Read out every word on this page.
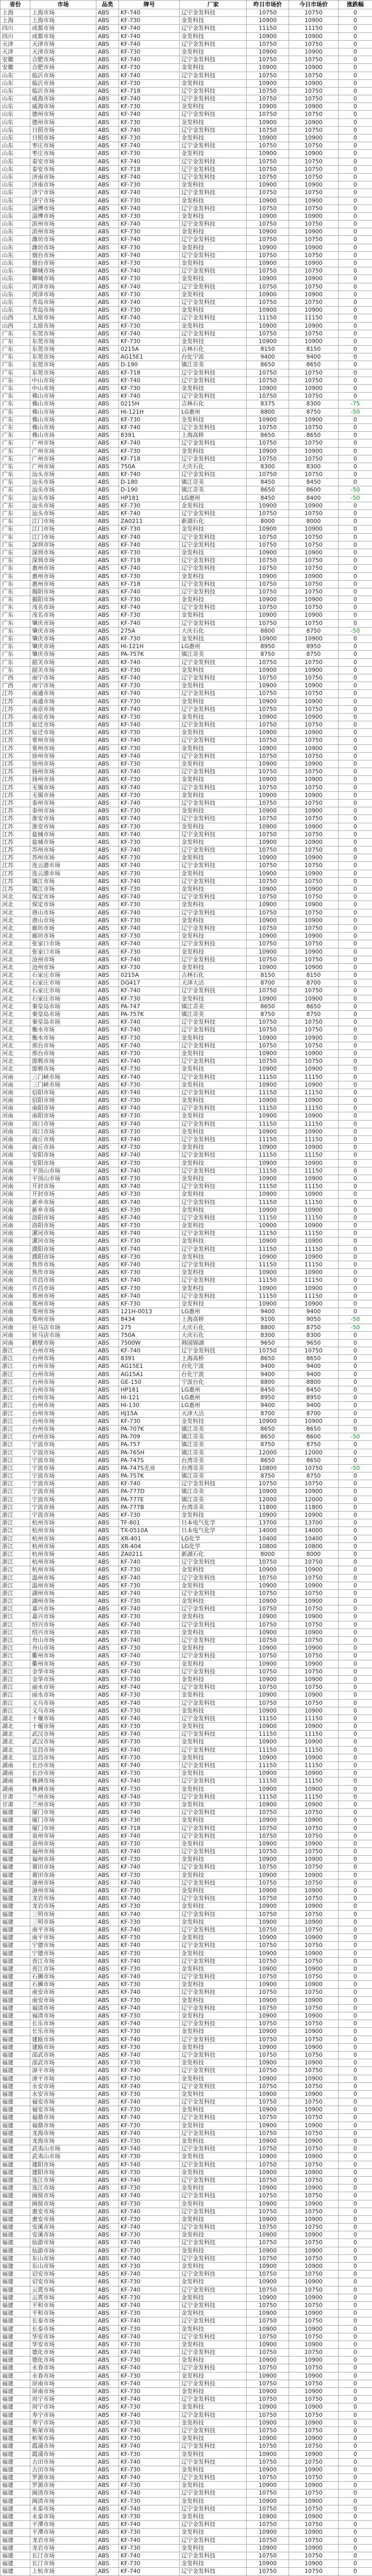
省份	市场	品类	牌号	厂家	昨日市场价	今日市场价	涨跌幅
上海	上海市场	ABS	KF-740	辽宁金发科技	10750	10750	0
上海	上海市场	ABS	KF-730	金发科技	10900	10900	0
四川	成都市场	ABS	KF-740	辽宁金发科技	11150	11150	0
四川	成都市场	ABS	KF-740	金发科技	10900	10900	0
天津	天津市场	ABS	KF-740	辽宁金发科技	10750	10750	0
天津	天津市场	ABS	KF-730	金发科技	10900	10900	0
安徽	合肥市场	ABS	KF-740	辽宁金发科技	10750	10750	0
安徽	合肥市场	ABS	KF-730	金发科技	10900	10900	0
山东	临沂市场	ABS	KF-740	辽宁金发科技	10750	10750	0
山东	临沂市场	ABS	KF-730	金发科技	10900	10900	0
山东	临沂市场	ABS	KF-718	辽宁金发科技	10750	10750	0
山东	威海市场	ABS	KF-740	辽宁金发科技	10750	10750	0
山东	威海市场	ABS	KF-730	金发科技	10900	10900	0
山东	德州市场	ABS	KF-740	辽宁金发科技	10750	10750	0
山东	德州市场	ABS	KF-730	金发科技	10900	10900	0
山东	日照市场	ABS	KF-740	辽宁金发科技	10750	10750	0
山东	日照市场	ABS	KF-730	金发科技	10900	10900	0
山东	枣庄市场	ABS	KF-740	辽宁金发科技	10750	10750	0
山东	枣庄市场	ABS	KF-730	金发科技	10900	10900	0
山东	泰安市场	ABS	KF-740	辽宁金发科技	10750	10750	0
山东	泰安市场	ABS	KF-718	辽宁金发科技	10750	10750	0
山东	济南市场	ABS	KF-740	辽宁金发科技	10750	10750	0
山东	济南市场	ABS	KF-730	金发科技	10900	10900	0
山东	济宁市场	ABS	KF-740	辽宁金发科技	10750	10750	0
山东	济宁市场	ABS	KF-730	金发科技	10900	10900	0
山东	淄博市场	ABS	KF-740	辽宁金发科技	10750	10750	0
山东	淄博市场	ABS	KF-730	金发科技	10900	10900	0
山东	滨州市场	ABS	KF-740	辽宁金发科技	10750	10750	0
山东	滨州市场	ABS	KF-730	金发科技	10900	10900	0
山东	潍坊市场	ABS	KF-740	辽宁金发科技	10750	10750	0
山东	潍坊市场	ABS	KF-730	金发科技	10900	10900	0
山东	烟台市场	ABS	KF-740	辽宁金发科技	10750	10750	0
山东	烟台市场	ABS	KF-730	金发科技	10900	10900	0
山东	聊城市场	ABS	KF-740	辽宁金发科技	10750	10750	0
山东	聊城市场	ABS	KF-730	金发科技	10900	10900	0
山东	菏泽市场	ABS	KF-740	辽宁金发科技	10750	10750	0
山东	菏泽市场	ABS	KF-730	金发科技	10900	10900	0
山东	青岛市场	ABS	KF-740	辽宁金发科技	10750	10750	0
山东	青岛市场	ABS	KF-730	金发科技	10900	10900	0
山西	太原市场	ABS	KF-740	辽宁金发科技	11150	11150	0
山西	太原市场	ABS	KF-730	金发科技	10900	10900	0
广东	东莞市场	ABS	KF-740	辽宁金发科技	10750	10750	0
广东	东莞市场	ABS	KF-730	金发科技	10900	10900	0
广东	东莞市场	ABS	0215A	吉林石化	8150	8150	0
广东	东莞市场	ABS	AG15E1	台化宁波	9400	9400	0
广东	东莞市场	ABS	D-190	镇江奇美	8650	8650	0
广东	东莞市场	ABS	KF-718	辽宁金发科技	10750	10750	0
广东	中山市场	ABS	KF-740	辽宁金发科技	10750	10750	0
广东	中山市场	ABS	KF-730	金发科技	10900	10900	0
广东	佛山市场	ABS	KF-740	辽宁金发科技	10750	10750	0
广东	佛山市场	ABS	0215H	吉林石化	8375	8300	-75
广东	佛山市场	ABS	HI-121H	LG惠州	8800	8750	-50
广东	佛山市场	ABS	KF-730	金发科技	10900	10900	0
广东	佛山市场	ABS	KF-740	辽宁金发科技	10750	10750	0
广东	佛山市场	ABS	8391	上海高桥	8650	8650	0
广东	广州市场	ABS	KF-740	辽宁金发科技	10750	10750	0
广东	广州市场	ABS	KF-730	金发科技	10900	10900	0
广东	广州市场	ABS	KF-718	辽宁金发科技	10750	10750	0
广东	广州市场	ABS	750A	大庆石化	8300	8300	0
广东	汕头市场	ABS	KF-740	辽宁金发科技	10750	10750	0
广东	汕头市场	ABS	D-180	镇江奇美	8450	8450	0
广东	汕头市场	ABS	D-190	镇江奇美	8650	8600	-50
广东	汕头市场	ABS	HP181	LG惠州	8450	8400	-50
广东	汕头市场	ABS	KF-730	金发科技	10900	10900	0
广东	汕头市场	ABS	KF-740	辽宁金发科技	10750	10750	0
广东	江门市场	ABS	ZA0211	新湖石化	8000	8000	0
广东	江门市场	ABS	KF-730	金发科技	10900	10900	0
广东	江门市场	ABS	KF-740	辽宁金发科技	10750	10750	0
广东	深圳市场	ABS	KF-740	辽宁金发科技	10750	10750	0
广东	深圳市场	ABS	KF-730	金发科技	10900	10900	0
广东	深圳市场	ABS	KF-718	辽宁金发科技	10750	10750	0
广东	惠州市场	ABS	KF-740	辽宁金发科技	10750	10750	0
广东	惠州市场	ABS	KF-730	金发科技	10900	10900	0
广东	惠州市场	ABS	KF-718	辽宁金发科技	10750	10750	0
广东	揭阳市场	ABS	KF-740	辽宁金发科技	10750	10750	0
广东	揭阳市场	ABS	KF-730	金发科技	10900	10900	0
广东	茂名市场	ABS	KF-740	辽宁金发科技	10750	10750	0
广东	茂名市场	ABS	KF-730	金发科技	10900	10900	0
广东	肇庆市场	ABS	KF-740	辽宁金发科技	10750	10750	0
广东	肇庆市场	ABS	275A	大庆石化	8800	8750	-50
广东	肇庆市场	ABS	KF-730	金发科技	10900	10900	0
广东	肇庆市场	ABS	HI-121H	LG惠州	8950	8950	0
广东	肇庆市场	ABS	PA-757K	镇江奇美	8750	8750	0
广东	韶关市场	ABS	KF-740	辽宁金发科技	10750	10750	0
广东	韶关市场	ABS	KF-730	金发科技	10900	10900	0
广西	南宁市场	ABS	KF-740	辽宁金发科技	10750	10750	0
广西	南宁市场	ABS	KF-730	金发科技	10900	10900	0
江苏	南通市场	ABS	KF-740	辽宁金发科技	10750	10750	0
江苏	南通市场	ABS	KF-730	金发科技	10900	10900	0
江苏	南京市场	ABS	KF-740	辽宁金发科技	10750	10750	0
江苏	南京市场	ABS	KF-730	金发科技	10900	10900	0
江苏	宿迁市场	ABS	KF-740	辽宁金发科技	10750	10750	0
江苏	宿迁市场	ABS	KF-730	金发科技	10900	10900	0
江苏	常州市场	ABS	KF-740	辽宁金发科技	10750	10750	0
江苏	常州市场	ABS	KF-730	金发科技	10900	10900	0
江苏	徐州市场	ABS	KF-740	辽宁金发科技	10750	10750	0
江苏	徐州市场	ABS	KF-730	金发科技	10900	10900	0
江苏	扬州市场	ABS	KF-740	辽宁金发科技	10750	10750	0
江苏	扬州市场	ABS	KF-730	金发科技	10900	10900	0
江苏	无锡市场	ABS	KF-740	辽宁金发科技	10750	10750	0
江苏	无锡市场	ABS	KF-730	金发科技	10900	10900	0
江苏	泰州市场	ABS	KF-740	辽宁金发科技	10750	10750	0
江苏	泰州市场	ABS	KF-730	金发科技	10900	10900	0
江苏	淮安市场	ABS	KF-740	辽宁金发科技	10750	10750	0
江苏	淮安市场	ABS	KF-730	金发科技	10900	10900	0
江苏	盐城市场	ABS	KF-740	辽宁金发科技	10750	10750	0
江苏	盐城市场	ABS	KF-730	金发科技	10900	10900	0
江苏	苏州市场	ABS	KF-740	辽宁金发科技	10750	10750	0
江苏	苏州市场	ABS	KF-730	金发科技	10900	10900	0
江苏	连云港市场	ABS	KF-740	辽宁金发科技	10750	10750	0
江苏	连云港市场	ABS	KF-730	金发科技	10900	10900	0
江苏	镇江市场	ABS	KF-740	辽宁金发科技	10750	10750	0
江苏	镇江市场	ABS	KF-730	金发科技	10900	10900	0
河北	保定市场	ABS	KF-740	辽宁金发科技	10750	10750	0
河北	保定市场	ABS	KF-730	金发科技	10900	10900	0
河北	唐山市场	ABS	KF-740	辽宁金发科技	10750	10750	0
河北	唐山市场	ABS	KF-730	金发科技	10900	10900	0
河北	廊坊市场	ABS	KF-740	辽宁金发科技	10750	10750	0
河北	廊坊市场	ABS	KF-730	金发科技	10900	10900	0
河北	张家口市场	ABS	KF-740	辽宁金发科技	10750	10750	0
河北	张家口市场	ABS	KF-730	金发科技	10900	10900	0
河北	沧州市场	ABS	KF-740	辽宁金发科技	10750	10750	0
河北	沧州市场	ABS	KF-730	金发科技	10900	10900	0
河北	石家庄市场	ABS	0215A	吉林石化	8150	8150	0
河北	石家庄市场	ABS	DG417	天津大沽	8700	8700	0
河北	石家庄市场	ABS	KF-740	辽宁金发科技	10750	10750	0
河北	石家庄市场	ABS	KF-730	金发科技	10900	10900	0
河北	秦皇岛市场	ABS	PA-747	镇江奇美	8650	8650	0
河北	秦皇岛市场	ABS	PA-757K	镇江奇美	8750	8750	0
河北	秦皇岛市场	ABS	KF-740	辽宁金发科技	10750	10750	0
河北	衡水市场	ABS	KF-740	辽宁金发科技	10750	10750	0
河北	衡水市场	ABS	KF-730	金发科技	10900	10900	0
河北	邢台市场	ABS	KF-740	辽宁金发科技	10750	10750	0
河北	邢台市场	ABS	KF-730	金发科技	10900	10900	0
河北	邯郸市场	ABS	KF-740	辽宁金发科技	10750	10750	0
河北	邯郸市场	ABS	KF-730	金发科技	10900	10900	0
河南	三门峡市场	ABS	KF-740	辽宁金发科技	11150	11150	0
河南	三门峡市场	ABS	KF-730	金发科技	10900	10900	0
河南	信阳市场	ABS	KF-740	辽宁金发科技	11150	11150	0
河南	信阳市场	ABS	KF-730	金发科技	10900	10900	0
河南	南阳市场	ABS	KF-740	辽宁金发科技	11150	11150	0
河南	南阳市场	ABS	KF-730	金发科技	10900	10900	0
河南	周口市场	ABS	KF-740	辽宁金发科技	11150	11150	0
河南	周口市场	ABS	KF-730	金发科技	10900	10900	0
河南	商丘市场	ABS	KF-740	辽宁金发科技	11150	11150	0
河南	商丘市场	ABS	KF-730	金发科技	10900	10900	0
河南	安阳市场	ABS	KF-740	辽宁金发科技	11150	11150	0
河南	安阳市场	ABS	KF-730	金发科技	10900	10900	0
河南	平顶山市场	ABS	KF-740	辽宁金发科技	11150	11150	0
河南	平顶山市场	ABS	KF-730	金发科技	10900	10900	0
河南	开封市场	ABS	KF-740	辽宁金发科技	11150	11150	0
河南	开封市场	ABS	KF-730	金发科技	10900	10900	0
河南	新乡市场	ABS	KF-740	辽宁金发科技	11150	11150	0
河南	新乡市场	ABS	KF-730	金发科技	10900	10900	0
河南	洛阳市场	ABS	KF-740	辽宁金发科技	11150	11150	0
河南	洛阳市场	ABS	KF-730	金发科技	10900	10900	0
河南	漯河市场	ABS	KF-740	辽宁金发科技	11150	11150	0
河南	漯河市场	ABS	KF-730	金发科技	10900	10900	0
河南	濮阳市场	ABS	KF-740	辽宁金发科技	11150	11150	0
河南	濮阳市场	ABS	KF-730	金发科技	10900	10900	0
河南	焦作市场	ABS	KF-740	辽宁金发科技	11150	11150	0
河南	焦作市场	ABS	KF-730	金发科技	10900	10900	0
河南	许昌市场	ABS	KF-740	辽宁金发科技	11150	11150	0
河南	许昌市场	ABS	KF-730	金发科技	10900	10900	0
河南	郑州市场	ABS	KF-740	辽宁金发科技	11150	11150	0
河南	郑州市场	ABS	KF-730	金发科技	10900	10900	0
河南	郑州市场	ABS	121H-0013	LG惠州	9400	9400	0
河南	郑州市场	ABS	8434	上海高桥	9100	9050	-50
河南	驻马店市场	ABS	275	大庆石化	8800	8750	-50
河南	驻马店市场	ABS	750A	大庆石化	8300	8300	0
河南	鹤壁市场	ABS	7500W	韩国锦湖	9650	9650	0
浙江	台州市场	ABS	KF-740	辽宁金发科技	10750	10750	0
浙江	台州市场	ABS	8391	上海高桥	8650	8650	0
浙江	台州市场	ABS	AG15E1	台化宁波	9400	9400	0
浙江	台州市场	ABS	AG15A1	台化宁波	9400	9400	0
浙江	台州市场	ABS	GE-150	宁波台化	8800	8800	0
浙江	台州市场	ABS	HP181	LG惠州	8450	8450	0
浙江	台州市场	ABS	HI-121	LG惠州	8950	8950	0
浙江	台州市场	ABS	HI-130	LG惠州	9400	9400	0
浙江	台州市场	ABS	HJ15A	天津大沽	8700	8700	0
浙江	台州市场	ABS	KF-730	金发科技	10900	10900	0
浙江	台州市场	ABS	PA-707K	镇江奇美	8650	8650	0
浙江	台州市场	ABS	PA-709	镇江奇美	8650	8600	-50
浙江	宁波市场	ABS	PA-757	镇江奇美	8750	8750	0
浙江	宁波市场	ABS	PA-765H	镇江奇美	12000	12000	0
浙江	宁波市场	ABS	PA-747S	台湾奇美	8650	8650	0
浙江	宁波市场	ABS	PA-747S光亮	台湾奇美	10800	10750	-50
浙江	宁波市场	ABS	PA-757K	镇江奇美	8750	8750	0
浙江	宁波市场	ABS	KF-740	辽宁金发科技	10750	10750	0
浙江	宁波市场	ABS	PA-777D	镇江奇美	10900	10900	0
浙江	宁波市场	ABS	PA-777E	镇江奇美	12000	12000	0
浙江	宁波市场	ABS	PA-777B	台湾奇美	11800	11800	0
浙江	宁波市场	ABS	KF-730	金发科技	10900	10900	0
浙江	杭州市场	ABS	TF-801	日本电气化学	13700	13700	0
浙江	杭州市场	ABS	TX-0510A	日本电气化学	14000	14000	0
浙江	杭州市场	ABS	XR-401	LG化学	10400	10400	0
浙江	杭州市场	ABS	XR-404	LG化学	10800	10800	0
浙江	杭州市场	ABS	ZA0211	新湖石化	8000	8000	0
浙江	杭州市场	ABS	KF-740	辽宁金发科技	10750	10750	0
浙江	杭州市场	ABS	KF-730	金发科技	10900	10900	0
浙江	温州市场	ABS	KF-740	辽宁金发科技	10750	10750	0
浙江	温州市场	ABS	KF-730	金发科技	10900	10900	0
浙江	湖州市场	ABS	KF-740	辽宁金发科技	10750	10750	0
浙江	湖州市场	ABS	KF-730	金发科技	10900	10900	0
浙江	嘉兴市场	ABS	KF-740	辽宁金发科技	10750	10750	0
浙江	嘉兴市场	ABS	KF-730	金发科技	10900	10900	0
浙江	绍兴市场	ABS	KF-740	辽宁金发科技	10750	10750	0
浙江	绍兴市场	ABS	KF-730	金发科技	10900	10900	0
浙江	舟山市场	ABS	KF-740	辽宁金发科技	10750	10750	0
浙江	舟山市场	ABS	KF-730	金发科技	10900	10900	0
浙江	衢州市场	ABS	KF-740	辽宁金发科技	10750	10750	0
浙江	衢州市场	ABS	KF-730	金发科技	10900	10900	0
浙江	金华市场	ABS	KF-740	辽宁金发科技	10750	10750	0
浙江	金华市场	ABS	KF-730	金发科技	10900	10900	0
浙江	丽水市场	ABS	KF-740	辽宁金发科技	10750	10750	0
浙江	丽水市场	ABS	KF-730	金发科技	10900	10900	0
浙江	义乌市场	ABS	KF-740	辽宁金发科技	10750	10750	0
浙江	义乌市场	ABS	KF-730	金发科技	10900	10900	0
湖北	十堰市场	ABS	KF-740	辽宁金发科技	11150	11150	0
湖北	十堰市场	ABS	KF-730	金发科技	10900	10900	0
湖北	武汉市场	ABS	KF-740	辽宁金发科技	11150	11150	0
湖北	武汉市场	ABS	KF-730	金发科技	10900	10900	0
湖北	宜昌市场	ABS	KF-740	辽宁金发科技	11150	11150	0
湖北	宜昌市场	ABS	KF-730	金发科技	10900	10900	0
湖南	长沙市场	ABS	KF-740	辽宁金发科技	11150	11150	0
湖南	长沙市场	ABS	KF-730	金发科技	10900	10900	0
湖南	株洲市场	ABS	KF-740	辽宁金发科技	11150	11150	0
湖南	株洲市场	ABS	KF-730	金发科技	10900	10900	0
甘肃	兰州市场	ABS	KF-740	辽宁金发科技	11150	11150	0
甘肃	兰州市场	ABS	KF-730	金发科技	10900	10900	0
福建	厦门市场	ABS	KF-740	辽宁金发科技	10750	10750	0
福建	厦门市场	ABS	KF-730	金发科技	10900	10900	0
福建	厦门市场	ABS	KF-718	辽宁金发科技	10750	10750	0
福建	泉州市场	ABS	KF-740	辽宁金发科技	10750	10750	0
福建	泉州市场	ABS	KF-730	金发科技	10900	10900	0
福建	福州市场	ABS	KF-740	辽宁金发科技	10750	10750	0
福建	福州市场	ABS	KF-730	金发科技	10900	10900	0
福建	莆田市场	ABS	KF-740	辽宁金发科技	10750	10750	0
福建	莆田市场	ABS	KF-730	金发科技	10900	10900	0
福建	漳州市场	ABS	KF-740	辽宁金发科技	10750	10750	0
福建	漳州市场	ABS	KF-730	金发科技	10900	10900	0
福建	龙岩市场	ABS	KF-740	辽宁金发科技	10750	10750	0
福建	龙岩市场	ABS	KF-730	金发科技	10900	10900	0
福建	三明市场	ABS	KF-740	辽宁金发科技	10750	10750	0
福建	三明市场	ABS	KF-730	金发科技	10900	10900	0
福建	南平市场	ABS	KF-740	辽宁金发科技	10750	10750	0
福建	南平市场	ABS	KF-730	金发科技	10900	10900	0
福建	宁德市场	ABS	KF-740	辽宁金发科技	10750	10750	0
福建	宁德市场	ABS	KF-730	金发科技	10900	10900	0
福建	晋江市场	ABS	KF-740	辽宁金发科技	10750	10750	0
福建	晋江市场	ABS	KF-730	金发科技	10900	10900	0
福建	石狮市场	ABS	KF-740	辽宁金发科技	10750	10750	0
福建	石狮市场	ABS	KF-730	金发科技	10900	10900	0
福建	南安市场	ABS	KF-740	辽宁金发科技	10750	10750	0
福建	南安市场	ABS	KF-730	金发科技	10900	10900	0
福建	福清市场	ABS	KF-740	辽宁金发科技	10750	10750	0
福建	福清市场	ABS	KF-730	金发科技	10900	10900	0
福建	长乐市场	ABS	KF-740	辽宁金发科技	10750	10750	0
福建	长乐市场	ABS	KF-730	金发科技	10900	10900	0
福建	建瓯市场	ABS	KF-740	辽宁金发科技	10750	10750	0
福建	建瓯市场	ABS	KF-730	金发科技	10900	10900	0
福建	邵武市场	ABS	KF-740	辽宁金发科技	10750	10750	0
福建	邵武市场	ABS	KF-730	金发科技	10900	10900	0
福建	漳平市场	ABS	KF-740	辽宁金发科技	10750	10750	0
福建	漳平市场	ABS	KF-730	金发科技	10900	10900	0
福建	永安市场	ABS	KF-740	辽宁金发科技	10750	10750	0
福建	永安市场	ABS	KF-730	金发科技	10900	10900	0
福建	福安市场	ABS	KF-740	辽宁金发科技	10750	10750	0
福建	福安市场	ABS	KF-730	金发科技	10900	10900	0
福建	福鼎市场	ABS	KF-740	辽宁金发科技	10750	10750	0
福建	福鼎市场	ABS	KF-730	金发科技	10900	10900	0
福建	龙海市场	ABS	KF-740	辽宁金发科技	10750	10750	0
福建	龙海市场	ABS	KF-730	金发科技	10900	10900	0
福建	武夷山市场	ABS	KF-740	辽宁金发科技	10750	10750	0
福建	武夷山市场	ABS	KF-730	金发科技	10900	10900	0
福建	建阳市场	ABS	KF-740	辽宁金发科技	10750	10750	0
福建	建阳市场	ABS	KF-730	金发科技	10900	10900	0
福建	连江市场	ABS	KF-740	辽宁金发科技	10750	10750	0
福建	连江市场	ABS	KF-730	金发科技	10900	10900	0
福建	闽侯市场	ABS	KF-740	辽宁金发科技	10750	10750	0
福建	闽侯市场	ABS	KF-730	金发科技	10900	10900	0
福建	惠安市场	ABS	KF-740	辽宁金发科技	10750	10750	0
福建	惠安市场	ABS	KF-730	金发科技	10900	10900	0
福建	安溪市场	ABS	KF-740	辽宁金发科技	10750	10750	0
福建	安溪市场	ABS	KF-730	金发科技	10900	10900	0
福建	仙游市场	ABS	KF-740	辽宁金发科技	10750	10750	0
福建	仙游市场	ABS	KF-730	金发科技	10900	10900	0
福建	东山市场	ABS	KF-740	辽宁金发科技	10750	10750	0
福建	东山市场	ABS	KF-730	金发科技	10900	10900	0
福建	诏安市场	ABS	KF-740	辽宁金发科技	10750	10750	0
福建	诏安市场	ABS	KF-730	金发科技	10900	10900	0
福建	云霄市场	ABS	KF-740	辽宁金发科技	10750	10750	0
福建	云霄市场	ABS	KF-730	金发科技	10900	10900	0
福建	平和市场	ABS	KF-740	辽宁金发科技	10750	10750	0
福建	平和市场	ABS	KF-730	金发科技	10900	10900	0
福建	长泰市场	ABS	KF-740	辽宁金发科技	10750	10750	0
福建	长泰市场	ABS	KF-730	金发科技	10900	10900	0
福建	华安市场	ABS	KF-740	辽宁金发科技	10750	10750	0
福建	华安市场	ABS	KF-730	金发科技	10900	10900	0
福建	德化市场	ABS	KF-740	辽宁金发科技	10750	10750	0
福建	德化市场	ABS	KF-730	金发科技	10900	10900	0
福建	永春市场	ABS	KF-740	辽宁金发科技	10750	10750	0
福建	永春市场	ABS	KF-730	金发科技	10900	10900	0
福建	屏南市场	ABS	KF-740	辽宁金发科技	10750	10750	0
福建	屏南市场	ABS	KF-730	金发科技	10900	10900	0
福建	周宁市场	ABS	KF-740	辽宁金发科技	10750	10750	0
福建	周宁市场	ABS	KF-730	金发科技	10900	10900	0
福建	寿宁市场	ABS	KF-740	辽宁金发科技	10750	10750	0
福建	寿宁市场	ABS	KF-730	金发科技	10900	10900	0
福建	柘荣市场	ABS	KF-740	辽宁金发科技	10750	10750	0
福建	柘荣市场	ABS	KF-730	金发科技	10900	10900	0
福建	霞浦市场	ABS	KF-740	辽宁金发科技	10750	10750	0
福建	霞浦市场	ABS	KF-730	金发科技	10900	10900	0
福建	古田市场	ABS	KF-740	辽宁金发科技	10750	10750	0
福建	古田市场	ABS	KF-730	金发科技	10900	10900	0
福建	罗源市场	ABS	KF-740	辽宁金发科技	10750	10750	0
福建	罗源市场	ABS	KF-730	金发科技	10900	10900	0
福建	闽清市场	ABS	KF-740	辽宁金发科技	10750	10750	0
福建	闽清市场	ABS	KF-730	金发科技	10900	10900	0
福建	永泰市场	ABS	KF-740	辽宁金发科技	10750	10750	0
福建	永泰市场	ABS	KF-730	金发科技	10900	10900	0
福建	平潭市场	ABS	KF-740	辽宁金发科技	10750	10750	0
福建	平潭市场	ABS	KF-730	金发科技	10900	10900	0
福建	龙岩市场	ABS	KF-740	辽宁金发科技	10750	10750	0
福建	龙岩市场	ABS	KF-730	金发科技	10900	10900	0
福建	长汀市场	ABS	KF-740	辽宁金发科技	10750	10750	0
福建	长汀市场	ABS	KF-730	金发科技	10900	10900	0
福建	上杭市场	ABS	KF-740	辽宁金发科技	10750	10750	0
